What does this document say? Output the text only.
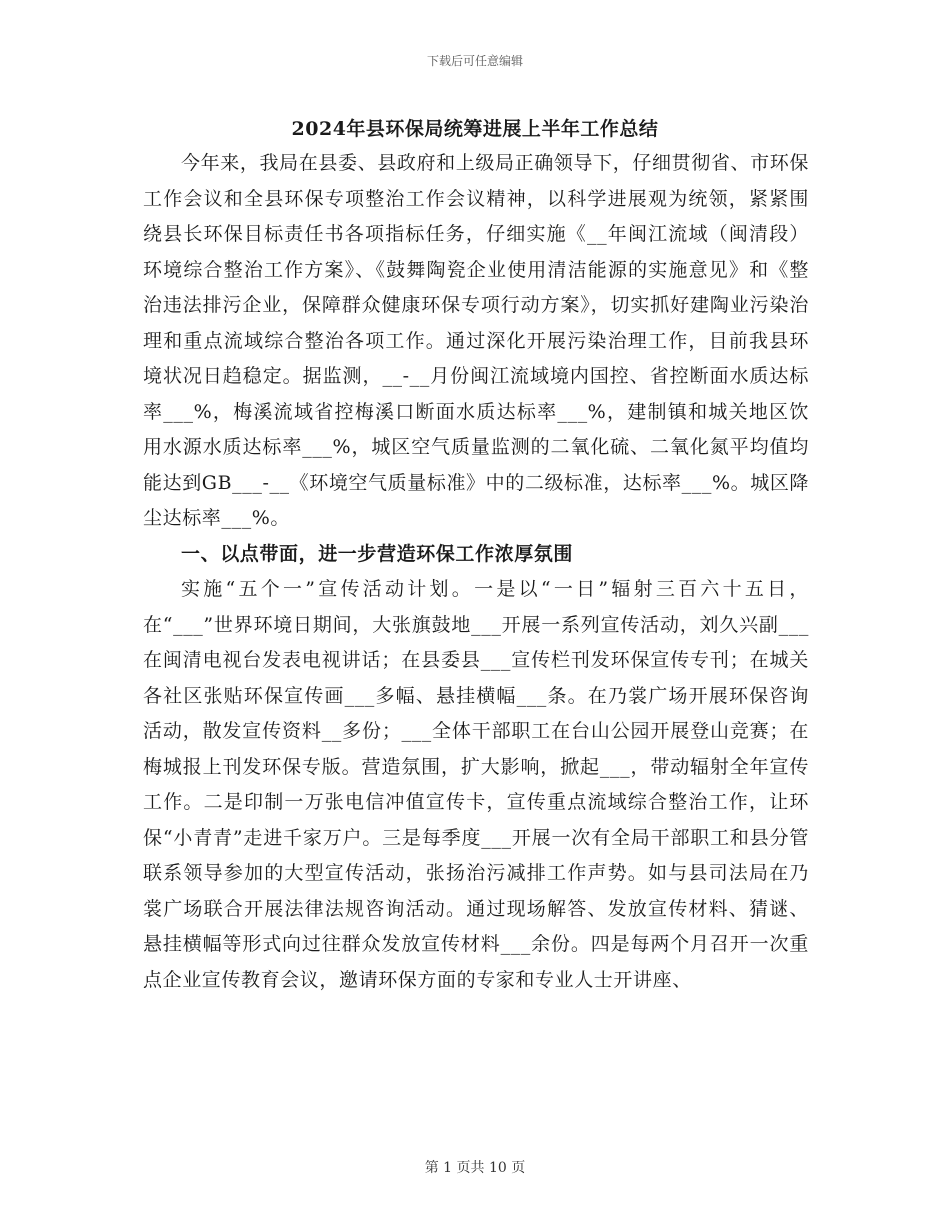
下载后可任意编辑
2024年县环保局统筹进展上半年工作总结

今年来，我局在县委、县政府和上级局正确领导下，仔细贯彻省、市环保工作会议和全县环保专项整治工作会议精神，以科学进展观为统领，紧紧围绕县长环保目标责任书各项指标任务，仔细实施《__年闽江流域（闽清段）环境综合整治工作方案》、《鼓舞陶瓷企业使用清洁能源的实施意见》和《整治违法排污企业，保障群众健康环保专项行动方案》，切实抓好建陶业污染治理和重点流域综合整治各项工作。通过深化开展污染治理工作，目前我县环境状况日趋稳定。据监测，__-__月份闽江流域境内国控、省控断面水质达标率___%，梅溪流域省控梅溪口断面水质达标率___%，建制镇和城关地区饮用水源水质达标率___%，城区空气质量监测的二氧化硫、二氧化氮平均值均能达到GB___-__《环境空气质量标准》中的二级标准，达标率___%。城区降尘达标率___%。

一、以点带面，进一步营造环保工作浓厚氛围

实施“五个一”宣传活动计划。一是以“一日”辐射三百六十五日，在“___”世界环境日期间，大张旗鼓地___开展一系列宣传活动，刘久兴副___在闽清电视台发表电视讲话；在县委县___宣传栏刊发环保宣传专刊；在城关各社区张贴环保宣传画___多幅、悬挂横幅___条。在乃裳广场开展环保咨询活动，散发宣传资料__多份；___全体干部职工在台山公园开展登山竞赛；在梅城报上刊发环保专版。营造氛围，扩大影响，掀起___，带动辐射全年宣传工作。二是印制一万张电信冲值宣传卡，宣传重点流域综合整治工作，让环保“小青青”走进千家万户。三是每季度___开展一次有全局干部职工和县分管联系领导参加的大型宣传活动，张扬治污减排工作声势。如与县司法局在乃裳广场联合开展法律法规咨询活动。通过现场解答、发放宣传材料、猜谜、悬挂横幅等形式向过往群众发放宣传材料___余份。四是每两个月召开一次重点企业宣传教育会议，邀请环保方面的专家和专业人士开讲座、

第 1 页共 10 页
